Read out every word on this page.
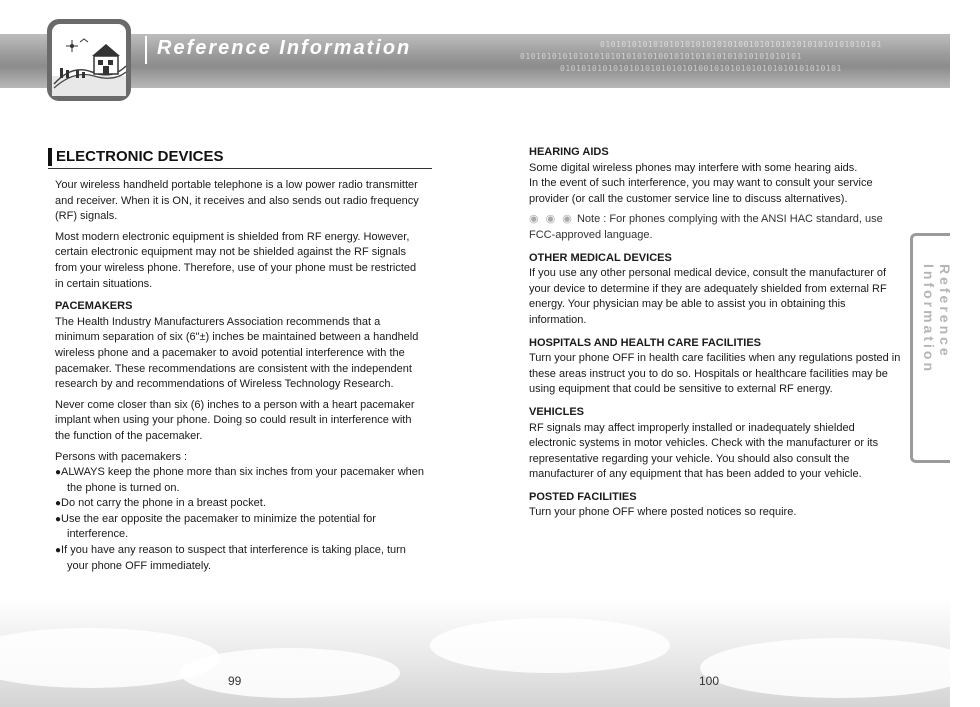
01010101010101010101010101001010101010101010101010101
01010101010101010101010101001010101010101010101010101
01010101010101010101010101001010101010101010101010101
Reference Information
ELECTRONIC DEVICES

Your wireless handheld portable telephone is a low power radio transmitter and receiver. When it is ON, it receives and also sends out radio frequency (RF) signals.

Most modern electronic equipment is shielded from RF energy. However, certain electronic equipment may not be shielded against the RF signals from your wireless phone. Therefore, use of your phone must be restricted in certain situations.

PACEMAKERS

The Health Industry Manufacturers Association recommends that a minimum separation of six (6"±) inches be maintained between a handheld wireless phone and a pacemaker to avoid potential interference with the pacemaker. These recommendations are consistent with the independent research by and recommendations of Wireless Technology Research.

Never come closer than six (6) inches to a person with a heart pacemaker implant when using your phone. Doing so could result in interference with the function of the pacemaker.

Persons with pacemakers :
●ALWAYS keep the phone more than six inches from your pacemaker when the phone is turned on.
●Do not carry the phone in a breast pocket.
●Use the ear opposite the pacemaker to minimize the potential for interference.
●If you have any reason to suspect that interference is taking place, turn your phone OFF immediately.
HEARING AIDS
Some digital wireless phones may interfere with some hearing aids.

In the event of such interference, you may want to consult your service provider (or call the customer service line to discuss alternatives).

◉ ◉ ◉ Note : For phones complying with the ANSI HAC standard, use FCC-approved language.

OTHER MEDICAL DEVICES

If you use any other personal medical device, consult the manufacturer of your device to determine if they are adequately shielded from external RF energy. Your physician may be able to assist you in obtaining this information.

HOSPITALS AND HEALTH CARE FACILITIES

Turn your phone OFF in health care facilities when any regulations posted in these areas instruct you to do so. Hospitals or healthcare facilities may be using equipment that could be sensitive to external RF energy.

VEHICLES

RF signals may affect improperly installed or inadequately shielded electronic systems in motor vehicles. Check with the manufacturer or its representative regarding your vehicle. You should also consult the manufacturer of any equipment that has been added to your vehicle.

POSTED FACILITIES

Turn your phone OFF where posted notices so require.

Reference Information
99	100
